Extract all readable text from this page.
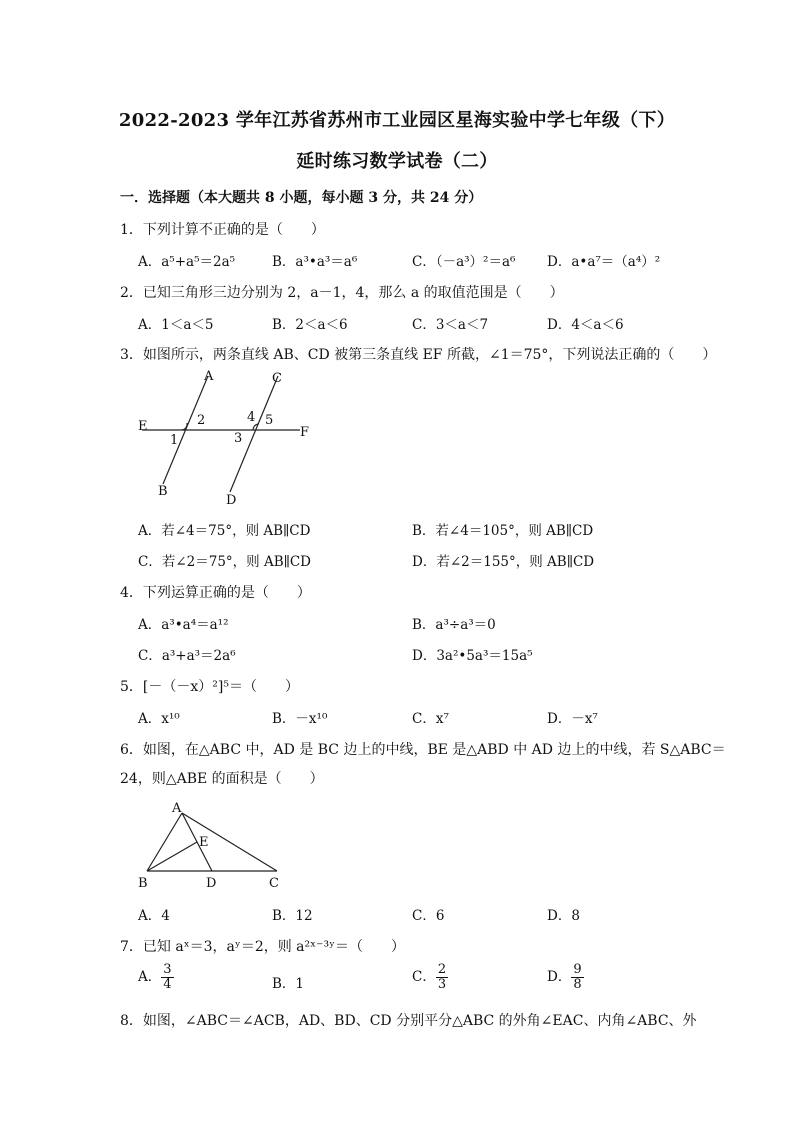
2022-2023 学年江苏省苏州市工业园区星海实验中学七年级（下）
延时练习数学试卷（二）
一．选择题（本大题共 8 小题，每小题 3 分，共 24 分）
1．下列计算不正确的是（　　）
A．a⁵+a⁵＝2a⁵	B．a³•a³＝a⁶	C．（－a³）²＝a⁶ D．a•a⁷＝（a⁴）²
2．已知三角形三边分别为 2，a－1，4，那么 a 的取值范围是（　　）
A．1＜a＜5	B．2＜a＜6	C．3＜a＜7	D．4＜a＜6
3．如图所示，两条直线 AB、CD 被第三条直线 EF 所截，∠1＝75°，下列说法正确的（　　）
A	C
E	F
B
D
1
2
3
4 5
A．若∠4＝75°，则 AB∥CD	B．若∠4＝105°，则 AB∥CD
C．若∠2＝75°，则 AB∥CD	D．若∠2＝155°，则 AB∥CD
4．下列运算正确的是（　　）
A．a³•a⁴＝a¹²	B．a³÷a³＝0
C．a³+a³＝2a⁶	D．3a²•5a³＝15a⁵
5．[－（－x）²]⁵＝（　　）
A．x¹⁰	B．－x¹⁰	C．x⁷	D．－x⁷
6．如图，在△ABC 中，AD 是 BC 边上的中线，BE 是△ABD 中 AD 边上的中线，若 S△ABC＝
24，则△ABE 的面积是（　　）
A
E
B	D	C
A．4	B．12	C．6	D．8
7．已知 aˣ＝3，aʸ＝2，则 a²ˣ⁻³ʸ＝（　　）
A． $\frac{3}{4}$	B．1	C． $\frac{2}{3}$	D． $\frac{9}{8}$
8．如图，∠ABC＝∠ACB，AD、BD、CD 分别平分△ABC 的外角∠EAC、内角∠ABC、外
